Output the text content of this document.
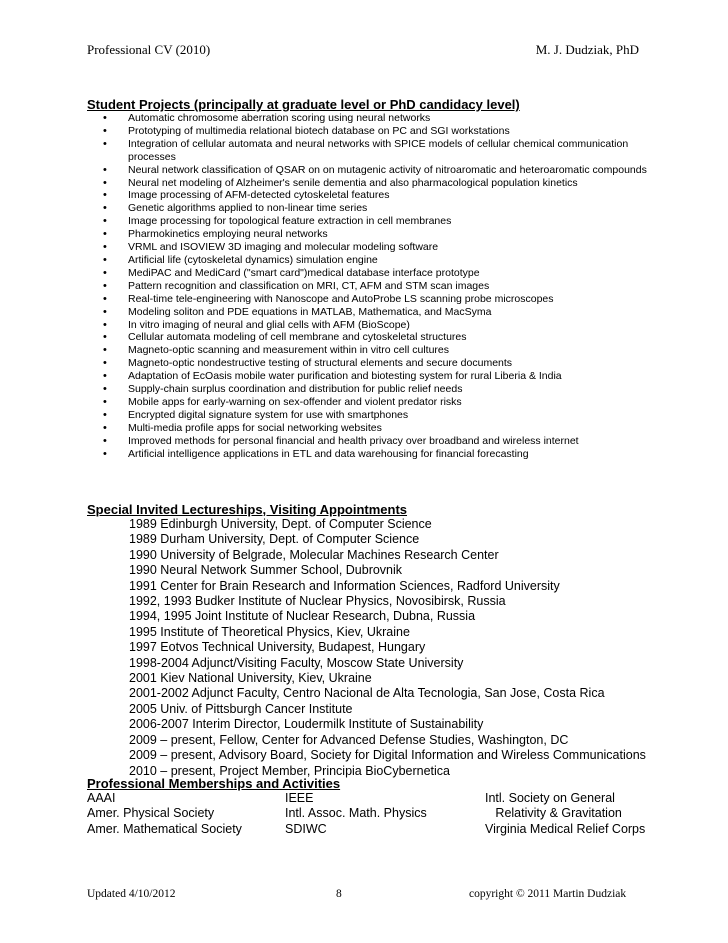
Professional CV (2010)	M. J. Dudziak, PhD
Student Projects (principally at graduate level or PhD candidacy level)
• Automatic chromosome aberration scoring using neural networks
• Prototyping of multimedia relational biotech database on PC and SGI workstations
• Integration of cellular automata and neural networks with SPICE models of cellular chemical communication processes
• Neural network classification of QSAR on on mutagenic activity of nitroaromatic and heteroaromatic compounds
• Neural net modeling of Alzheimer's senile dementia and also pharmacological population kinetics
• Image processing of AFM-detected cytoskeletal features
• Genetic algorithms applied to non-linear time series
• Image processing for topological feature extraction in cell membranes
• Pharmokinetics employing neural networks
• VRML and ISOVIEW 3D imaging and molecular modeling software
• Artificial life (cytoskeletal dynamics) simulation engine
• MediPAC and MediCard ("smart card")medical database interface prototype
• Pattern recognition and classification on MRI, CT, AFM and STM scan images
• Real-time tele-engineering with Nanoscope and AutoProbe LS scanning probe microscopes
• Modeling soliton and PDE equations in MATLAB, Mathematica, and MacSyma
• In vitro imaging of neural and glial cells with AFM (BioScope)
• Cellular automata modeling of cell membrane and cytoskeletal structures
• Magneto-optic scanning and measurement within in vitro cell cultures
• Magneto-optic nondestructive testing of structural elements and secure documents
• Adaptation of EcOasis mobile water purification and biotesting system for rural Liberia & India
• Supply-chain surplus coordination and distribution for public relief needs
• Mobile apps for early-warning on sex-offender and violent predator risks
• Encrypted digital signature system for use with smartphones
• Multi-media profile apps for social networking websites
• Improved methods for personal financial and health privacy over broadband and wireless internet
• Artificial intelligence applications in ETL and data warehousing for financial forecasting
Special Invited Lectureships, Visiting Appointments
1989 Edinburgh University, Dept. of Computer Science
1989 Durham University, Dept. of Computer Science
1990 University of Belgrade, Molecular Machines Research Center
1990 Neural Network Summer School, Dubrovnik
1991 Center for Brain Research and Information Sciences, Radford University
1992, 1993 Budker Institute of Nuclear Physics, Novosibirsk, Russia
1994, 1995 Joint Institute of Nuclear Research, Dubna, Russia
1995 Institute of Theoretical Physics, Kiev, Ukraine
1997 Eotvos Technical University, Budapest, Hungary
1998-2004 Adjunct/Visiting Faculty, Moscow State University
2001 Kiev National University, Kiev, Ukraine
2001-2002 Adjunct Faculty, Centro Nacional de Alta Tecnologia, San Jose, Costa Rica
2005 Univ. of Pittsburgh Cancer Institute
2006-2007 Interim Director, Loudermilk Institute of Sustainability
2009 – present, Fellow, Center for Advanced Defense Studies, Washington, DC
2009 – present, Advisory Board, Society for Digital Information and Wireless Communications
2010 – present, Project Member, Principia BioCybernetica
Professional Memberships and Activities
AAAI	IEEE	Intl. Society on General
Amer. Physical Society	Intl. Assoc. Math. Physics	Relativity & Gravitation
Amer. Mathematical Society	SDIWC	Virginia Medical Relief Corps
Updated 4/10/2012	8	copyright © 2011 Martin Dudziak
